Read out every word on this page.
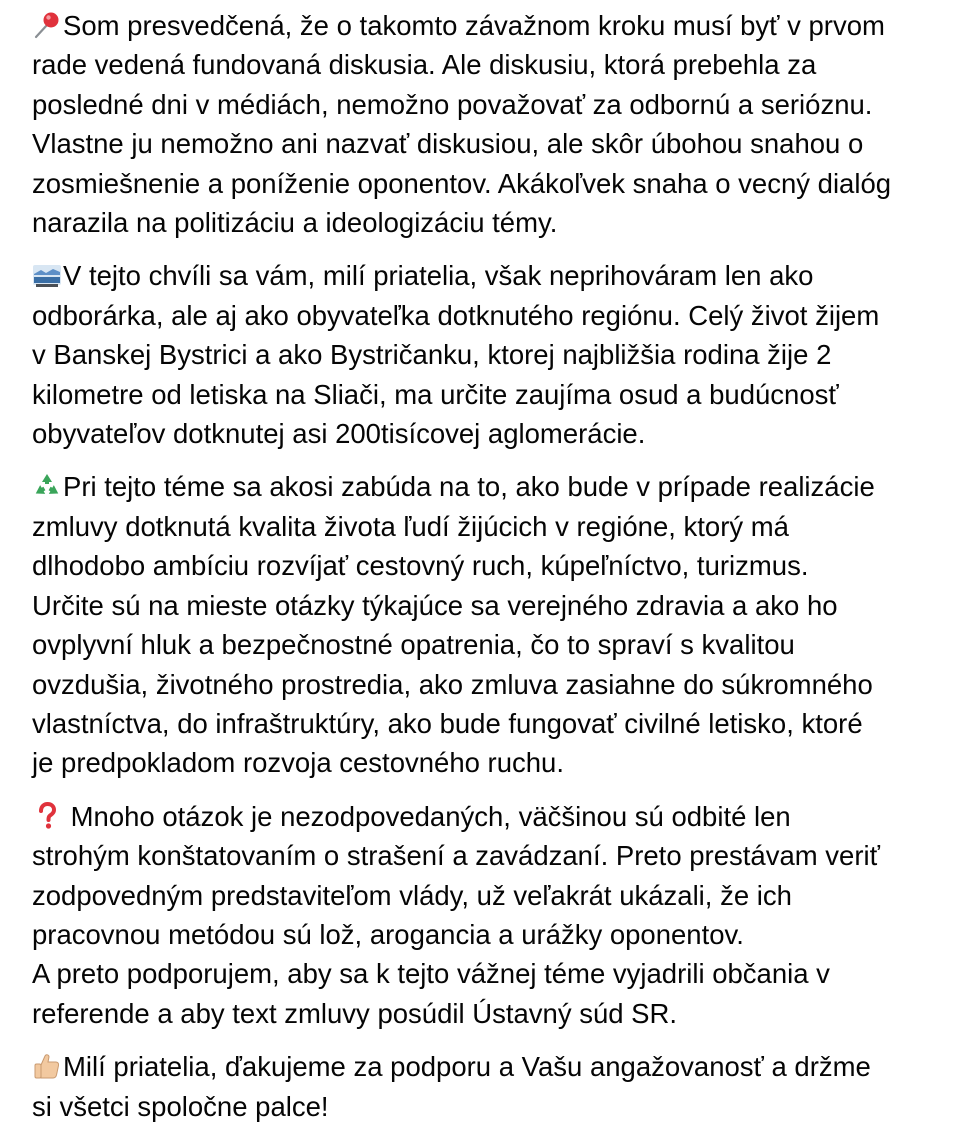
Som presvedčená, že o takomto závažnom kroku musí byť v prvom
rade vedená fundovaná diskusia. Ale diskusiu, ktorá prebehla za
posledné dni v médiách, nemožno považovať za odbornú a serióznu.
Vlastne ju nemožno ani nazvať diskusiou, ale skôr úbohou snahou o
zosmiešnenie a poníženie oponentov. Akákoľvek snaha o vecný dialóg
narazila na politizáciu a ideologizáciu témy.

V tejto chvíli sa vám, milí priatelia, však neprihováram len ako
odborárka, ale aj ako obyvateľka dotknutého regiónu. Celý život žijem
v Banskej Bystrici a ako Bystričanku, ktorej najbližšia rodina žije 2
kilometre od letiska na Sliači, ma určite zaujíma osud a budúcnosť
obyvateľov dotknutej asi 200tisícovej aglomerácie.

Pri tejto téme sa akosi zabúda na to, ako bude v prípade realizácie
zmluvy dotknutá kvalita života ľudí žijúcich v regióne, ktorý má
dlhodobo ambíciu rozvíjať cestovný ruch, kúpeľníctvo, turizmus.
Určite sú na mieste otázky týkajúce sa verejného zdravia a ako ho
ovplyvní hluk a bezpečnostné opatrenia, čo to spraví s kvalitou
ovzdušia, životného prostredia, ako zmluva zasiahne do súkromného
vlastníctva, do infraštruktúry, ako bude fungovať civilné letisko, ktoré
je predpokladom rozvoja cestovného ruchu.

Mnoho otázok je nezodpovedaných, väčšinou sú odbité len
strohým konštatovaním o strašení a zavádzaní. Preto prestávam veriť
zodpovedným predstaviteľom vlády, už veľakrát ukázali, že ich
pracovnou metódou sú lož, arogancia a urážky oponentov.
A preto podporujem, aby sa k tejto vážnej téme vyjadrili občania v
referende a aby text zmluvy posúdil Ústavný súd SR.

Milí priatelia, ďakujeme za podporu a Vašu angažovanosť a držme
si všetci spoločne palce!
